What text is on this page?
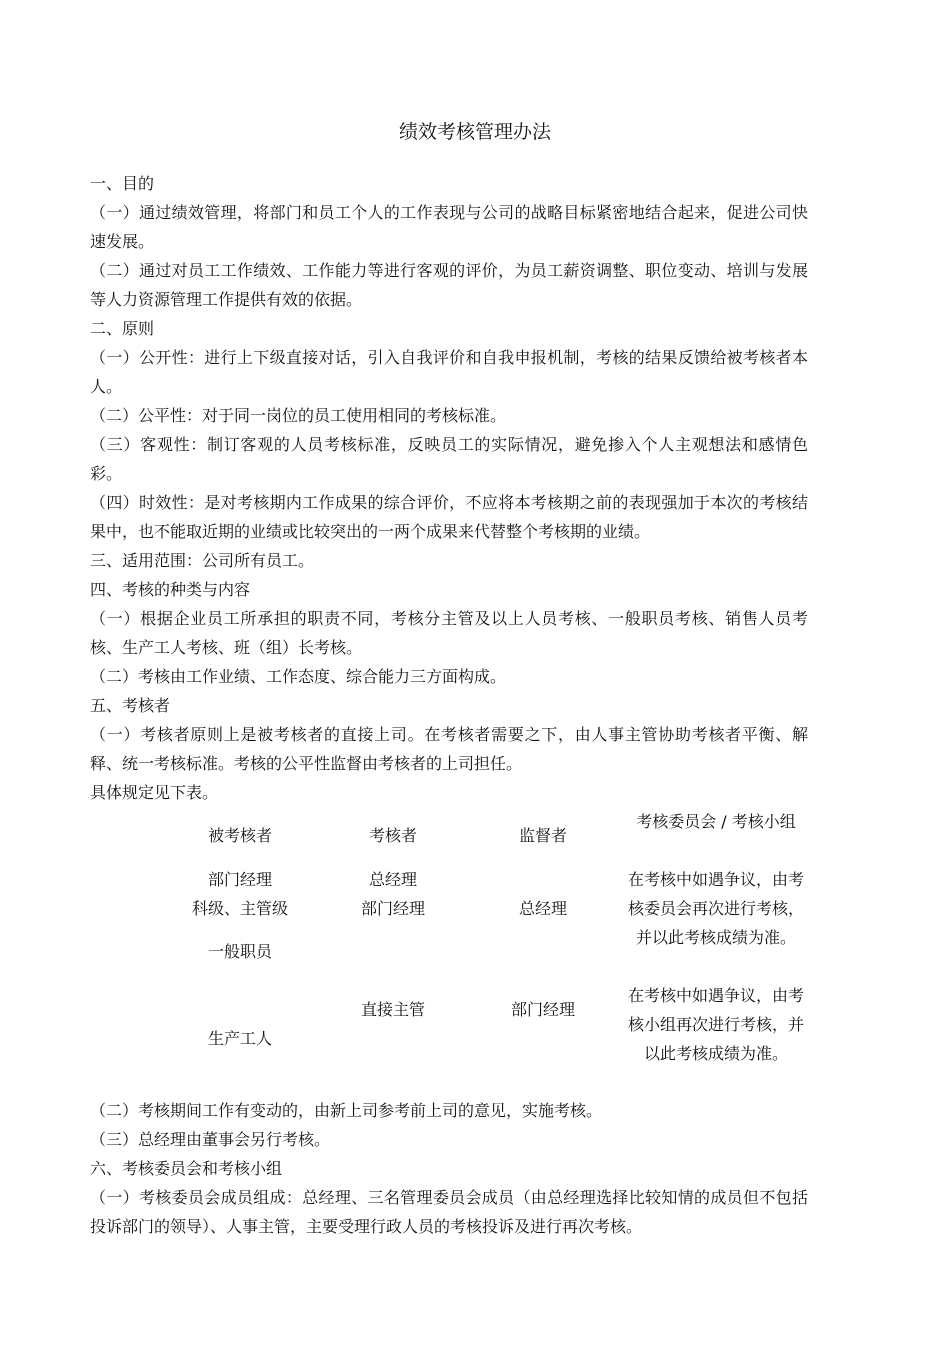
绩效考核管理办法

一、目的

（一）通过绩效管理，将部门和员工个人的工作表现与公司的战略目标紧密地结合起来，促进公司快速发展。

（二）通过对员工工作绩效、工作能力等进行客观的评价，为员工薪资调整、职位变动、培训与发展等人力资源管理工作提供有效的依据。

二、原则

（一）公开性：进行上下级直接对话，引入自我评价和自我申报机制，考核的结果反馈给被考核者本人。

（二）公平性：对于同一岗位的员工使用相同的考核标准。

（三）客观性：制订客观的人员考核标准，反映员工的实际情况，避免掺入个人主观想法和感情色彩。

（四）时效性：是对考核期内工作成果的综合评价，不应将本考核期之前的表现强加于本次的考核结果中，也不能取近期的业绩或比较突出的一两个成果来代替整个考核期的业绩。

三、适用范围：公司所有员工。

四、考核的种类与内容

（一）根据企业员工所承担的职责不同，考核分主管及以上人员考核、一般职员考核、销售人员考核、生产工人考核、班（组）长考核。

（二）考核由工作业绩、工作态度、综合能力三方面构成。

五、考核者

（一）考核者原则上是被考核者的直接上司。在考核者需要之下，由人事主管协助考核者平衡、解释、统一考核标准。考核的公平性监督由考核者的上司担任。

具体规定见下表。

被考核者	考核者	监督者
考核委员会 / 考核小组
部门经理
科级、主管级
一般职员
生产工人
总经理
部门经理
直接主管
总经理
部门经理
在考核中如遇争议，由考核委员会再次进行考核，并以此考核成绩为准。
在考核中如遇争议，由考核小组再次进行考核，并以此考核成绩为准。

（二）考核期间工作有变动的，由新上司参考前上司的意见，实施考核。

（三）总经理由董事会另行考核。

六、考核委员会和考核小组

（一）考核委员会成员组成：总经理、三名管理委员会成员（由总经理选择比较知情的成员但不包括投诉部门的领导）、人事主管，主要受理行政人员的考核投诉及进行再次考核。
